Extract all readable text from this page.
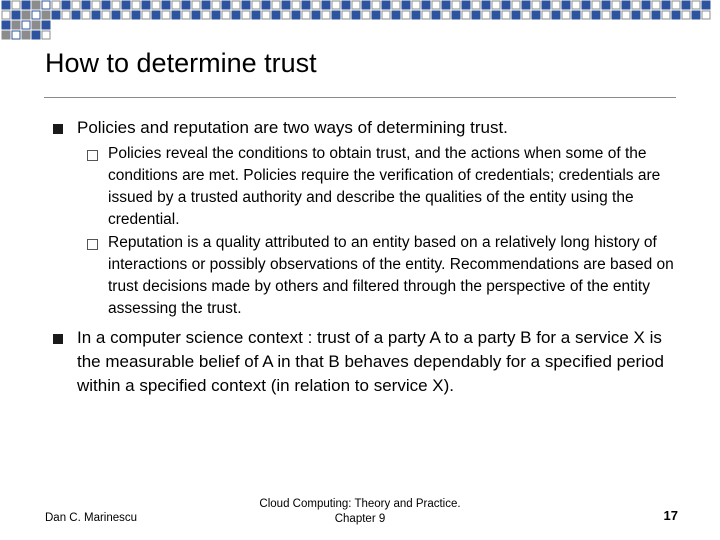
How to determine trust
Policies and reputation are two ways of determining trust.
Policies reveal the conditions to obtain trust, and the actions when some of the conditions are met. Policies require the verification of credentials; credentials are issued by a trusted authority and describe the qualities of the entity using the credential.
Reputation is a quality attributed to an entity based on a relatively long history of interactions or possibly observations of the entity. Recommendations are based on trust decisions made by others and filtered through the perspective of the entity assessing the trust.
In a computer science context : trust of a party A to a party B for a service X is the measurable belief of A in that B behaves dependably for a specified period within a specified context (in relation to service X).
Dan C. Marinescu
Cloud Computing: Theory and Practice.
Chapter 9	17
